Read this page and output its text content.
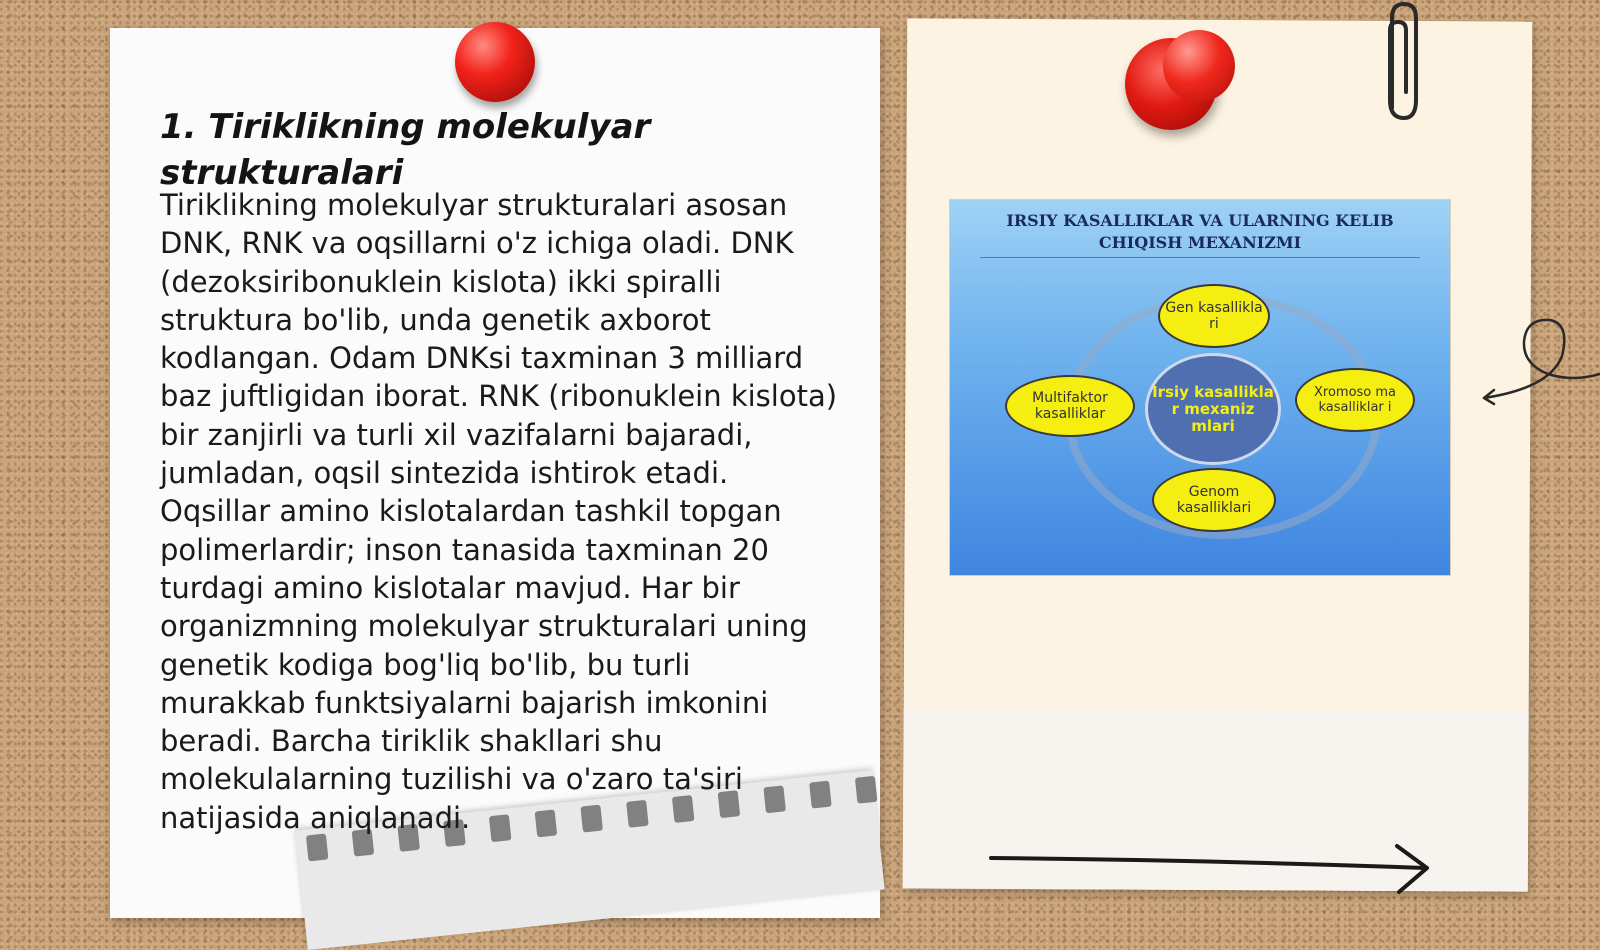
1. Tiriklikning molekulyar strukturalari

Tiriklikning molekulyar strukturalari asosan DNK, RNK va oqsillarni o'z ichiga oladi. DNK (dezoksiribonuklein kislota) ikki spiralli struktura bo'lib, unda genetik axborot kodlangan. Odam DNKsi taxminan 3 milliard baz juftligidan iborat. RNK (ribonuklein kislota) bir zanjirli va turli xil vazifalarni bajaradi, jumladan, oqsil sintezida ishtirok etadi. Oqsillar amino kislotalardan tashkil topgan polimerlardir; inson tanasida taxminan 20 turdagi amino kislotalar mavjud. Har bir organizmning molekulyar strukturalari uning genetik kodiga bog'liq bo'lib, bu turli murakkab funktsiyalarni bajarish imkonini beradi. Barcha tiriklik shakllari shu molekulalarning tuzilishi va o'zaro ta'siri natijasida aniqlanadi.

IRSIY KASALLIKLAR VA ULARNING KELIB CHIQISH MEXANIZMI
Gen kasallikla ri
Multifaktor kasalliklar
Xromoso ma kasalliklar i
Genom kasalliklari
Irsiy kasallikla r mexaniz mlari
